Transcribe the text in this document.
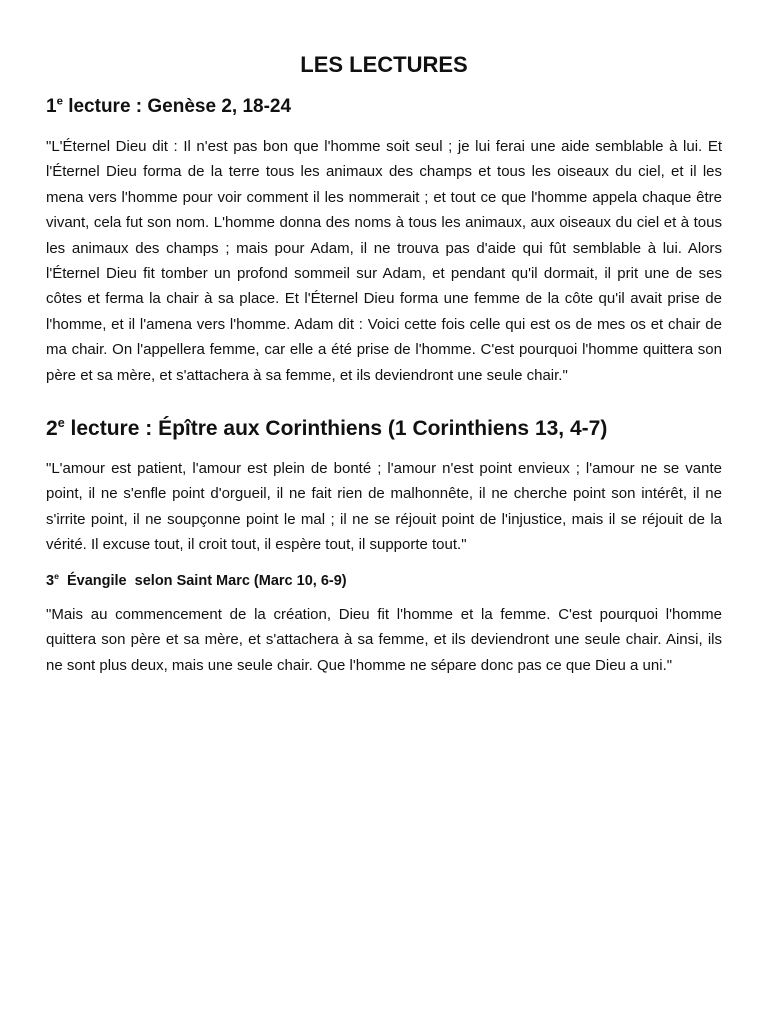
LES LECTURES
1e lecture : Genèse 2, 18-24

"L'Éternel Dieu dit : Il n'est pas bon que l'homme soit seul ; je lui ferai une aide semblable à lui. Et l'Éternel Dieu forma de la terre tous les animaux des champs et tous les oiseaux du ciel, et il les mena vers l'homme pour voir comment il les nommerait ; et tout ce que l'homme appela chaque être vivant, cela fut son nom. L'homme donna des noms à tous les animaux, aux oiseaux du ciel et à tous les animaux des champs ; mais pour Adam, il ne trouva pas d'aide qui fût semblable à lui. Alors l'Éternel Dieu fit tomber un profond sommeil sur Adam, et pendant qu'il dormait, il prit une de ses côtes et ferma la chair à sa place. Et l'Éternel Dieu forma une femme de la côte qu'il avait prise de l'homme, et il l'amena vers l'homme. Adam dit : Voici cette fois celle qui est os de mes os et chair de ma chair. On l'appellera femme, car elle a été prise de l'homme. C'est pourquoi l'homme quittera son père et sa mère, et s'attachera à sa femme, et ils deviendront une seule chair."

2e lecture : Épître aux Corinthiens (1 Corinthiens 13, 4-7)

"L'amour est patient, l'amour est plein de bonté ; l'amour n'est point envieux ; l'amour ne se vante point, il ne s'enfle point d'orgueil, il ne fait rien de malhonnête, il ne cherche point son intérêt, il ne s'irrite point, il ne soupçonne point le mal ; il ne se réjouit point de l'injustice, mais il se réjouit de la vérité. Il excuse tout, il croit tout, il espère tout, il supporte tout."

3e  Évangile  selon Saint Marc (Marc 10, 6-9)

"Mais au commencement de la création, Dieu fit l'homme et la femme. C'est pourquoi l'homme quittera son père et sa mère, et s'attachera à sa femme, et ils deviendront une seule chair. Ainsi, ils ne sont plus deux, mais une seule chair. Que l'homme ne sépare donc pas ce que Dieu a uni."
